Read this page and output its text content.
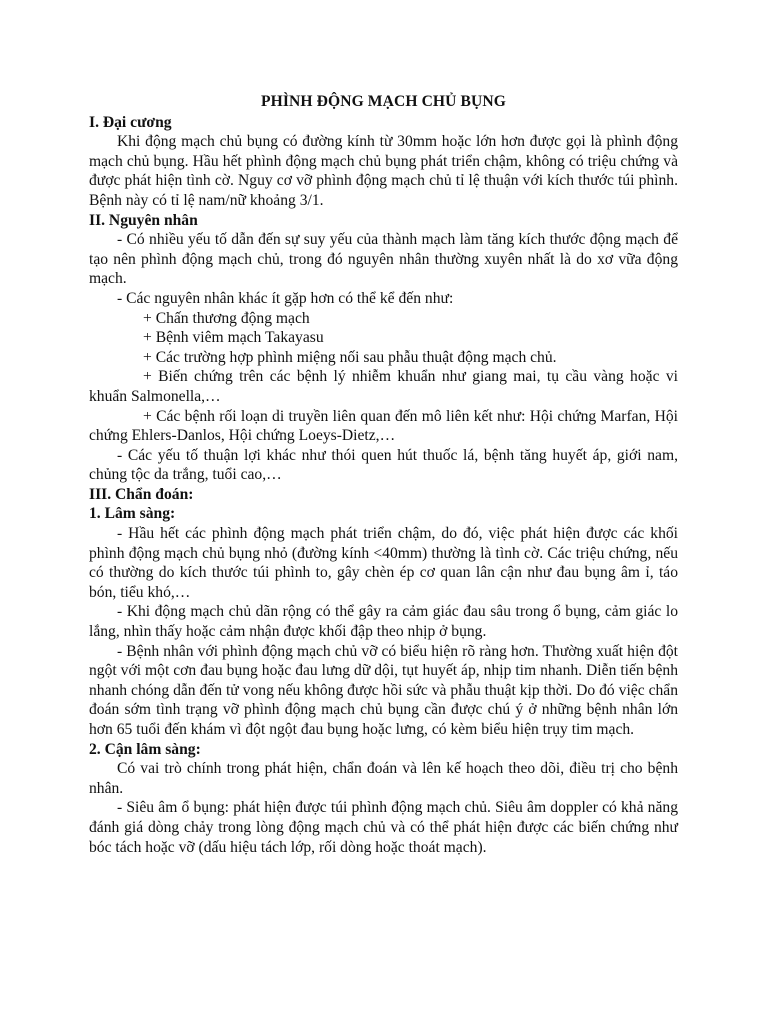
PHÌNH ĐỘNG MẠCH CHỦ BỤNG
I. Đại cương

Khi động mạch chủ bụng có đường kính từ 30mm hoặc lớn hơn được gọi là phình động mạch chủ bụng. Hầu hết phình động mạch chủ bụng phát triển chậm, không có triệu chứng và được phát hiện tình cờ. Nguy cơ vỡ phình động mạch chủ tỉ lệ thuận với kích thước túi phình. Bệnh này có tỉ lệ nam/nữ khoảng 3/1.

II. Nguyên nhân

- Có nhiều yếu tố dẫn đến sự suy yếu của thành mạch làm tăng kích thước động mạch để tạo nên phình động mạch chủ, trong đó nguyên nhân thường xuyên nhất là do xơ vữa động mạch.

- Các nguyên nhân khác ít gặp hơn có thể kể đến như:

+ Chấn thương động mạch

+ Bệnh viêm mạch Takayasu

+ Các trường hợp phình miệng nối sau phẫu thuật động mạch chủ.

+ Biến chứng trên các bệnh lý nhiễm khuẩn như giang mai, tụ cầu vàng hoặc vi khuẩn Salmonella,…

+ Các bệnh rối loạn di truyền liên quan đến mô liên kết như: Hội chứng Marfan, Hội chứng Ehlers-Danlos, Hội chứng Loeys-Dietz,…

- Các yếu tố thuận lợi khác như thói quen hút thuốc lá, bệnh tăng huyết áp, giới nam, chủng tộc da trắng, tuổi cao,…

III. Chẩn đoán:
1. Lâm sàng:

- Hầu hết các phình động mạch phát triển chậm, do đó, việc phát hiện được các khối phình động mạch chủ bụng nhỏ (đường kính <40mm) thường là tình cờ. Các triệu chứng, nếu có thường do kích thước túi phình to, gây chèn ép cơ quan lân cận như đau bụng âm ỉ, táo bón, tiểu khó,…

- Khi động mạch chủ dãn rộng có thể gây ra cảm giác đau sâu trong ổ bụng, cảm giác lo lắng, nhìn thấy hoặc cảm nhận được khối đập theo nhịp ở bụng.

- Bệnh nhân với phình động mạch chủ vỡ có biểu hiện rõ ràng hơn. Thường xuất hiện đột ngột với một cơn đau bụng hoặc đau lưng dữ dội, tụt huyết áp, nhịp tim nhanh. Diễn tiến bệnh nhanh chóng dẫn đến tử vong nếu không được hồi sức và phẫu thuật kịp thời. Do đó việc chẩn đoán sớm tình trạng vỡ phình động mạch chủ bụng cần được chú ý ở những bệnh nhân lớn hơn 65 tuổi đến khám vì đột ngột đau bụng hoặc lưng, có kèm biểu hiện trụy tim mạch.

2. Cận lâm sàng:

Có vai trò chính trong phát hiện, chẩn đoán và lên kế hoạch theo dõi, điều trị cho bệnh nhân.

- Siêu âm ổ bụng: phát hiện được túi phình động mạch chủ. Siêu âm doppler có khả năng đánh giá dòng chảy trong lòng động mạch chủ và có thể phát hiện được các biến chứng như bóc tách hoặc vỡ (dấu hiệu tách lớp, rối dòng hoặc thoát mạch).
